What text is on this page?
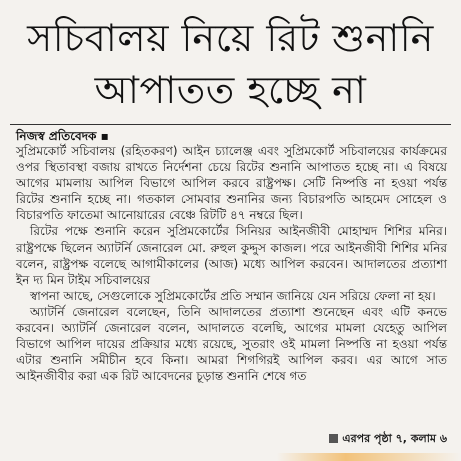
সচিবালয় নিয়ে রিট শুনানি
আপাতত হচ্ছে না
নিজস্ব প্রতিবেদক ▪

সুপ্রিমকোর্ট সচিবালয় (রহিতকরণ) আইন চ্যালেঞ্জ এবং সুপ্রিমকোর্ট সচিবালয়ের কার্যক্রমের ওপর স্থিতাবস্থা বজায় রাখতে নির্দেশনা চেয়ে রিটের শুনানি আপাতত হচ্ছে না। এ বিষয়ে আগের মামলায় আপিল বিভাগে আপিল করবে রাষ্ট্রপক্ষ। সেটি নিষ্পত্তি না হওয়া পর্যন্ত রিটের শুনানি হচ্ছে না। গতকাল সোমবার শুনানির জন্য বিচারপতি আহমেদ সোহেল ও বিচারপতি ফাতেমা আনোয়ারের বেঞ্চে রিটটি ৪৭ নম্বরে ছিল।

রিটের পক্ষে শুনানি করেন সুপ্রিমকোর্টের সিনিয়র আইনজীবী মোহাম্মদ শিশির মনির। রাষ্ট্রপক্ষে ছিলেন অ্যাটর্নি জেনারেল মো. রুহুল কুদ্দুস কাজল। পরে আইনজীবী শিশির মনির বলেন, রাষ্ট্রপক্ষ বলেছে আগামীকালের (আজ) মধ্যে আপিল করবেন। আদালতের প্রত্যাশা ইন দ্য মিন টাইম সচিবালয়ের

স্বাপনা আছে, সেগুলোকে সুপ্রিমকোর্টের প্রতি সম্মান জানিয়ে যেন সরিয়ে ফেলা না হয়।

অ্যাটর্নি জেনারেল বলেছেন, তিনি আদালতের প্রত্যাশা শুনেছেন এবং এটি কনভে করবেন। অ্যাটর্নি জেনারেল বলেন, আদালতে বলেছি, আগের মামলা যেহেতু আপিল বিভাগে আপিল দায়ের প্রক্রিয়ার মধ্যে রয়েছে, সুতরাং ওই মামলা নিষ্পত্তি না হওয়া পর্যন্ত এটার শুনানি সমীচীন হবে কিনা। আমরা শিগগিরই আপিল করব। এর আগে সাত আইনজীবীর করা এক রিট আবেদনের চূড়ান্ত শুনানি শেষে গত

এরপর পৃষ্ঠা ৭, কলাম ৬
